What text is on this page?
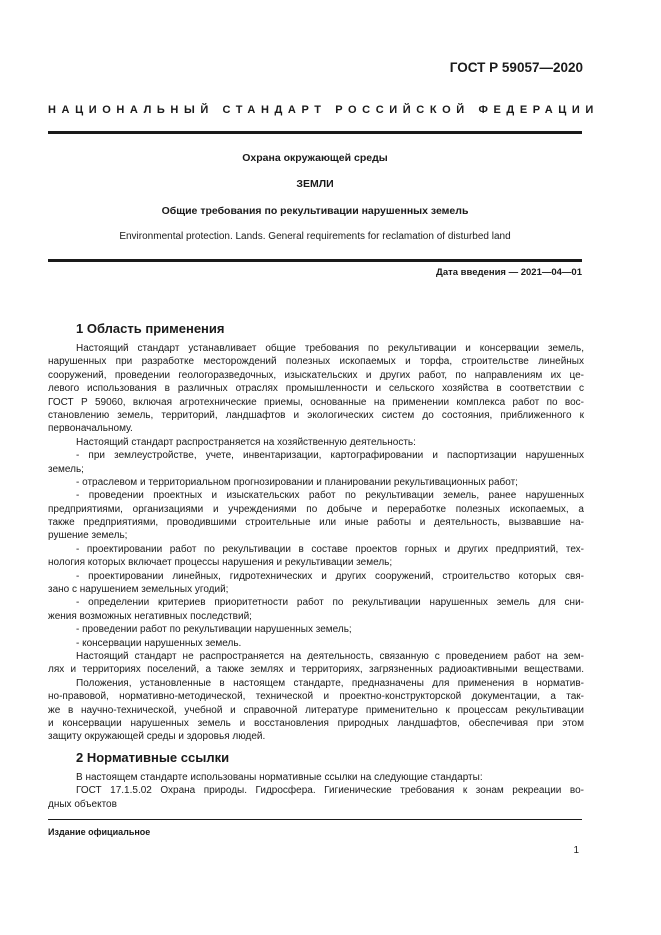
ГОСТ Р 59057—2020
НАЦИОНАЛЬНЫЙ СТАНДАРТ РОССИЙСКОЙ ФЕДЕРАЦИИ
Охрана окружающей среды
ЗЕМЛИ
Общие требования по рекультивации нарушенных земель
Environmental protection. Lands. General requirements for reclamation of disturbed land
Дата введения — 2021—04—01
1 Область применения
Настоящий стандарт устанавливает общие требования по рекультивации и консервации земель,
нарушенных при разработке месторождений полезных ископаемых и торфа, строительстве линейных
сооружений, проведении геологоразведочных, изыскательских и других работ, по направлениям их це-
левого использования в различных отраслях промышленности и сельского хозяйства в соответствии с
ГОСТ Р 59060, включая агротехнические приемы, основанные на применении комплекса работ по вос-
становлению земель, территорий, ландшафтов и экологических систем до состояния, приближенного к
первоначальному.
Настоящий стандарт распространяется на хозяйственную деятельность:
- при землеустройстве, учете, инвентаризации, картографировании и паспортизации нарушенных
земель;
- отраслевом и территориальном прогнозировании и планировании рекультивационных работ;
- проведении проектных и изыскательских работ по рекультивации земель, ранее нарушенных
предприятиями, организациями и учреждениями по добыче и переработке полезных ископаемых, а
также предприятиями, проводившими строительные или иные работы и деятельность, вызвавшие на-
рушение земель;
- проектировании работ по рекультивации в составе проектов горных и других предприятий, тех-
нология которых включает процессы нарушения и рекультивации земель;
- проектировании линейных, гидротехнических и других сооружений, строительство которых свя-
зано с нарушением земельных угодий;
- определении критериев приоритетности работ по рекультивации нарушенных земель для сни-
жения возможных негативных последствий;
- проведении работ по рекультивации нарушенных земель;
- консервации нарушенных земель.
Настоящий стандарт не распространяется на деятельность, связанную с проведением работ на зем-
лях и территориях поселений, а также землях и территориях, загрязненных радиоактивными веществами.
Положения, установленные в настоящем стандарте, предназначены для применения в норматив-
но-правовой, нормативно-методической, технической и проектно-конструкторской документации, а так-
же в научно-технической, учебной и справочной литературе применительно к процессам рекультивации
и консервации нарушенных земель и восстановления природных ландшафтов, обеспечивая при этом
защиту окружающей среды и здоровья людей.
2 Нормативные ссылки
В настоящем стандарте использованы нормативные ссылки на следующие стандарты:
ГОСТ 17.1.5.02 Охрана природы. Гидросфера. Гигиенические требования к зонам рекреации во-
дных объектов
Издание официальное
1
